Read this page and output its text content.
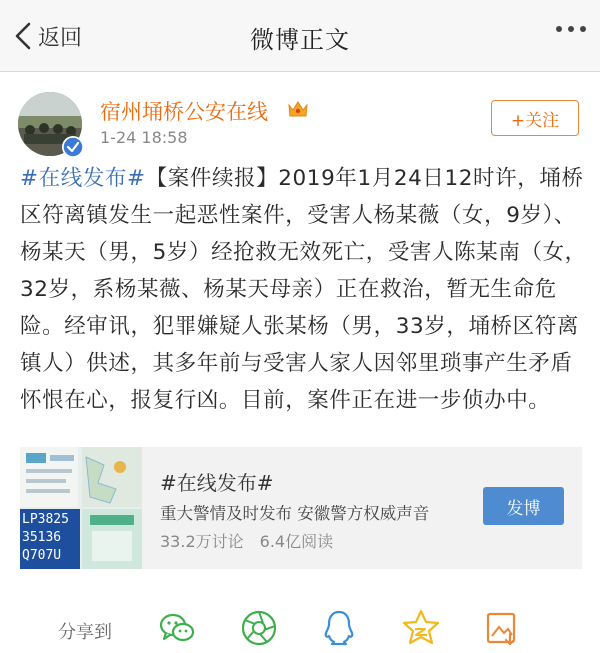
返回	微博正文
宿州埇桥公安在线
1-24 18:58
+关注
#在线发布#【案件续报】2019年1月24日12时许，埇桥区符离镇发生一起恶性案件，受害人杨某薇（女，9岁）、杨某天（男，5岁）经抢救无效死亡，受害人陈某南（女，32岁，系杨某薇、杨某天母亲）正在救治，暂无生命危险。经审讯，犯罪嫌疑人张某杨（男，33岁，埇桥区符离镇人）供述，其多年前与受害人家人因邻里琐事产生矛盾怀恨在心，报复行凶。目前，案件正在进一步侦办中。
LP3825
35136
Q707U
#在线发布#
重大警情及时发布 安徽警方权威声音
33.2万讨论 6.4亿阅读
发博
分享到
